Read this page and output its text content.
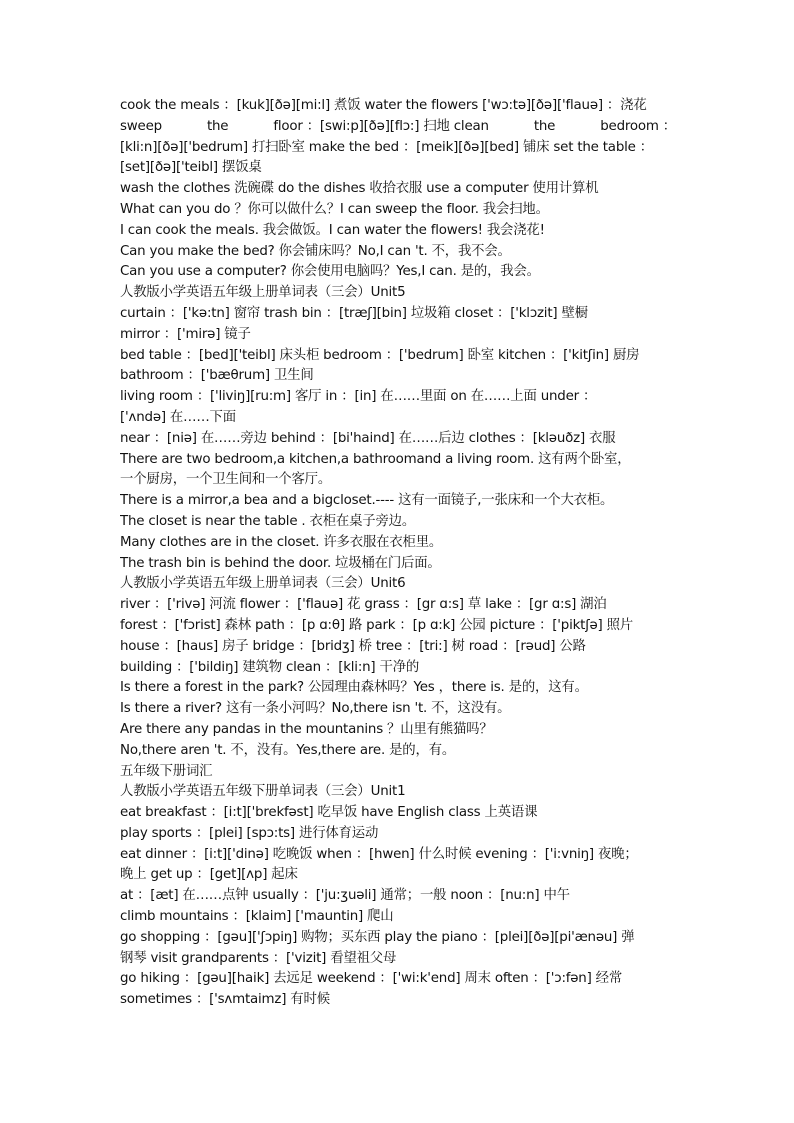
cook the meals ：[kuk][ðə][mi:l] 煮饭 water the flowers ['wɔ:tə][ðə]['flauə] ：浇花
sweep	the	floor ：[swi:p][ðə][flɔ:] 扫地 clean	the	bedroom ：
[kli:n][ðə]['bedrum] 打扫卧室 make the bed ：[meik][ðə][bed] 铺床 set the table ：
[set][ðə]['teibl] 摆饭桌
wash the clothes 洗碗碟 do the dishes 收拾衣服 use a computer 使用计算机
What can you do ？你可以做什么？I can sweep the floor. 我会扫地。
I can cook the meals. 我会做饭。I can water the flowers! 我会浇花!
Can you make the bed? 你会铺床吗？No,I can 't. 不，我不会。
Can you use a computer? 你会使用电脑吗？Yes,I can. 是的，我会。
人教版小学英语五年级上册单词表（三会）Unit5
curtain ：['kə:tn] 窗帘 trash bin ：[træʃ][bin] 垃圾箱 closet ：['klɔzit] 壁橱
mirror ：['mirə] 镜子
bed table ：[bed]['teibl] 床头柜 bedroom ：['bedrum] 卧室 kitchen ：['kitʃin] 厨房
bathroom ：['bæθrum] 卫生间
living room ：['liviŋ][ru:m] 客厅 in ：[in] 在……里面 on 在……上面 under ：
['ʌndə] 在……下面
near ：[niə] 在……旁边 behind ：[bi'haind] 在……后边 clothes ：[kləuðz] 衣服
There are two bedroom,a kitchen,a bathroomand a living room. 这有两个卧室，
一个厨房，一个卫生间和一个客厅。
There is a mirror,a bea and a bigcloset.---- 这有一面镜子,一张床和一个大衣柜。
The closet is near the table . 衣柜在桌子旁边。
Many clothes are in the closet. 许多衣服在衣柜里。
The trash bin is behind the door. 垃圾桶在门后面。
人教版小学英语五年级上册单词表（三会）Unit6
river ：['rivə] 河流 flower ：['flauə] 花 grass ：[gr ɑ:s] 草 lake ：[gr ɑ:s] 湖泊
forest ：['fɔrist] 森林 path ：[p ɑ:θ] 路 park ：[p ɑ:k] 公园 picture ：['piktʃə] 照片
house ：[haus] 房子 bridge ：[bridʒ] 桥 tree ：[tri:] 树 road ：[rəud] 公路
building ：['bildiŋ] 建筑物 clean ：[kli:n] 干净的
Is there a forest in the park? 公园理由森林吗？Yes ，there is. 是的，这有。
Is there a river? 这有一条小河吗？No,there isn 't. 不，这没有。
Are there any pandas in the mountanins ？山里有熊猫吗？
No,there aren 't. 不，没有。Yes,there are. 是的，有。
五年级下册词汇
人教版小学英语五年级下册单词表（三会）Unit1
eat breakfast ：[i:t]['brekfəst] 吃早饭 have English class 上英语课
play sports ：[plei] [spɔ:ts] 进行体育运动
eat dinner ：[i:t]['dinə] 吃晚饭 when ：[hwen] 什么时候 evening ：['i:vniŋ] 夜晚；
晚上 get up ：[get][ʌp] 起床
at ：[æt] 在……点钟 usually ：['ju:ʒuəli] 通常；一般 noon ：[nu:n] 中午
climb mountains ：[klaim] ['mauntin] 爬山
go shopping ：[gəu]['ʃɔpiŋ] 购物；买东西 play the piano ：[plei][ðə][pi'ænəu] 弹
钢琴 visit grandparents ：['vizit] 看望祖父母
go hiking ：[gəu][haik] 去远足 weekend ：['wi:k'end] 周末 often ：['ɔ:fən] 经常
sometimes ：['sʌmtaimz] 有时候
